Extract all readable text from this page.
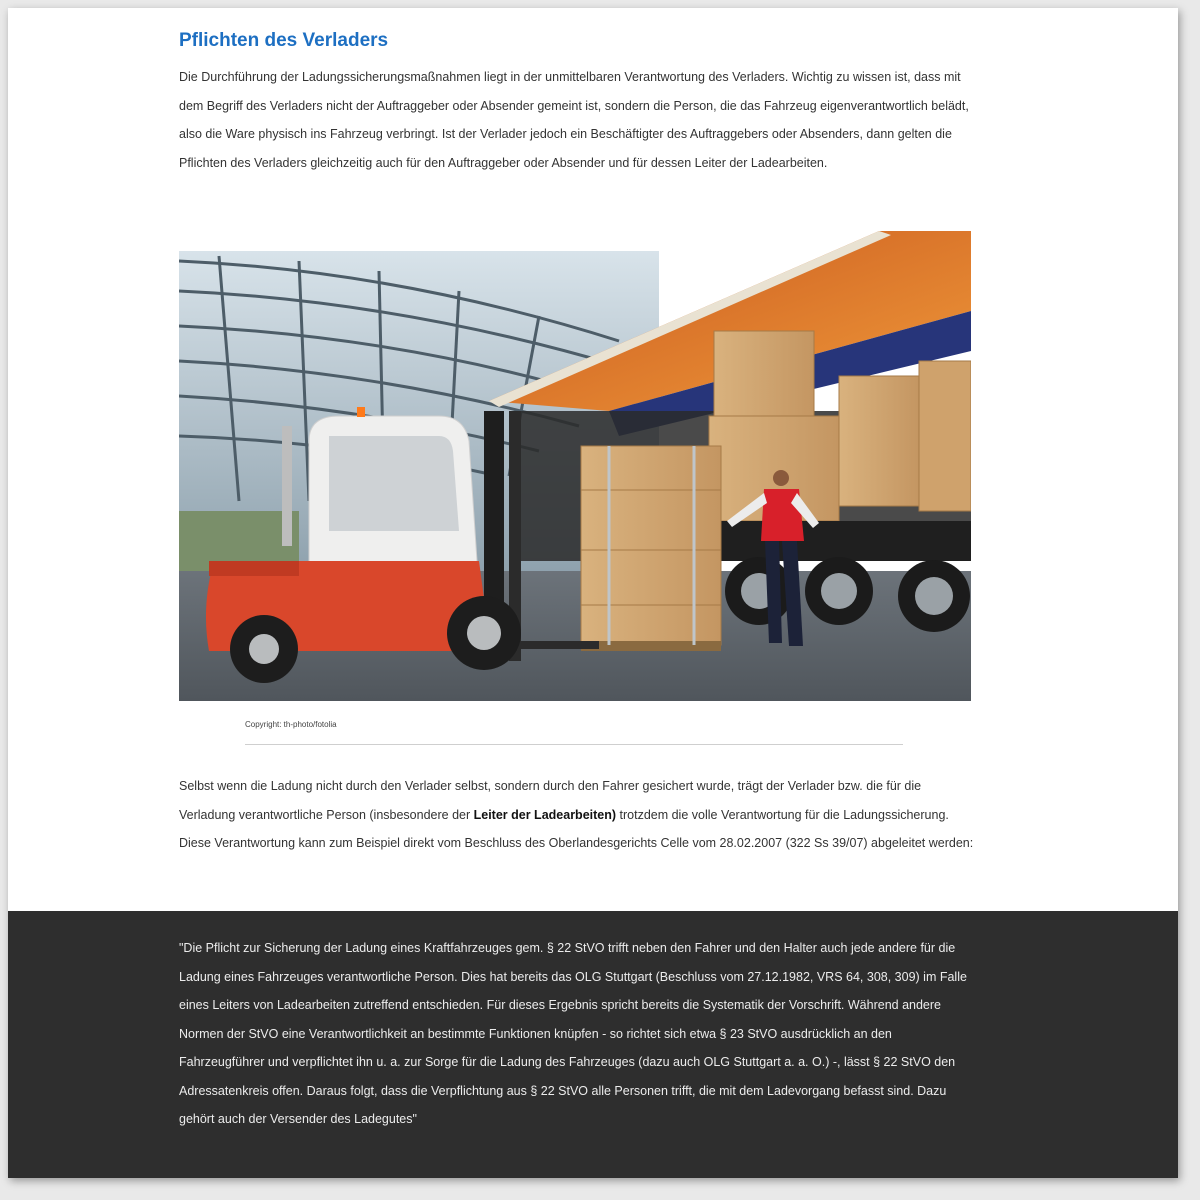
Pflichten des Verladers

Die Durchführung der Ladungssicherungsmaßnahmen liegt in der unmittelbaren Verantwortung des Verladers. Wichtig zu wissen ist, dass mit dem Begriff des Verladers nicht der Auftraggeber oder Absender gemeint ist, sondern die Person, die das Fahrzeug eigenverantwortlich belädt, also die Ware physisch ins Fahrzeug verbringt. Ist der Verlader jedoch ein Beschäftigter des Auftraggebers oder Absenders, dann gelten die Pflichten des Verladers gleichzeitig auch für den Auftraggeber oder Absender und für dessen Leiter der Ladearbeiten.

Copyright: th-photo/fotolia

Selbst wenn die Ladung nicht durch den Verlader selbst, sondern durch den Fahrer gesichert wurde, trägt der Verlader bzw. die für die Verladung verantwortliche Person (insbesondere der Leiter der Ladearbeiten) trotzdem die volle Verantwortung für die Ladungssicherung. Diese Verantwortung kann zum Beispiel direkt vom Beschluss des Oberlandesgerichts Celle vom 28.02.2007 (322 Ss 39/07) abgeleitet werden:

"Die Pflicht zur Sicherung der Ladung eines Kraftfahrzeuges gem. § 22 StVO trifft neben den Fahrer und den Halter auch jede andere für die Ladung eines Fahrzeuges verantwortliche Person. Dies hat bereits das OLG Stuttgart (Beschluss vom 27.12.1982, VRS 64, 308, 309) im Falle eines Leiters von Ladearbeiten zutreffend entschieden. Für dieses Ergebnis spricht bereits die Systematik der Vorschrift. Während andere Normen der StVO eine Verantwortlichkeit an bestimmte Funktionen knüpfen - so richtet sich etwa § 23 StVO ausdrücklich an den Fahrzeugführer und verpflichtet ihn u. a. zur Sorge für die Ladung des Fahrzeuges (dazu auch OLG Stuttgart a. a. O.) -, lässt § 22 StVO den Adressatenkreis offen. Daraus folgt, dass die Verpflichtung aus § 22 StVO alle Personen trifft, die mit dem Ladevorgang befasst sind. Dazu gehört auch der Versender des Ladegutes"
